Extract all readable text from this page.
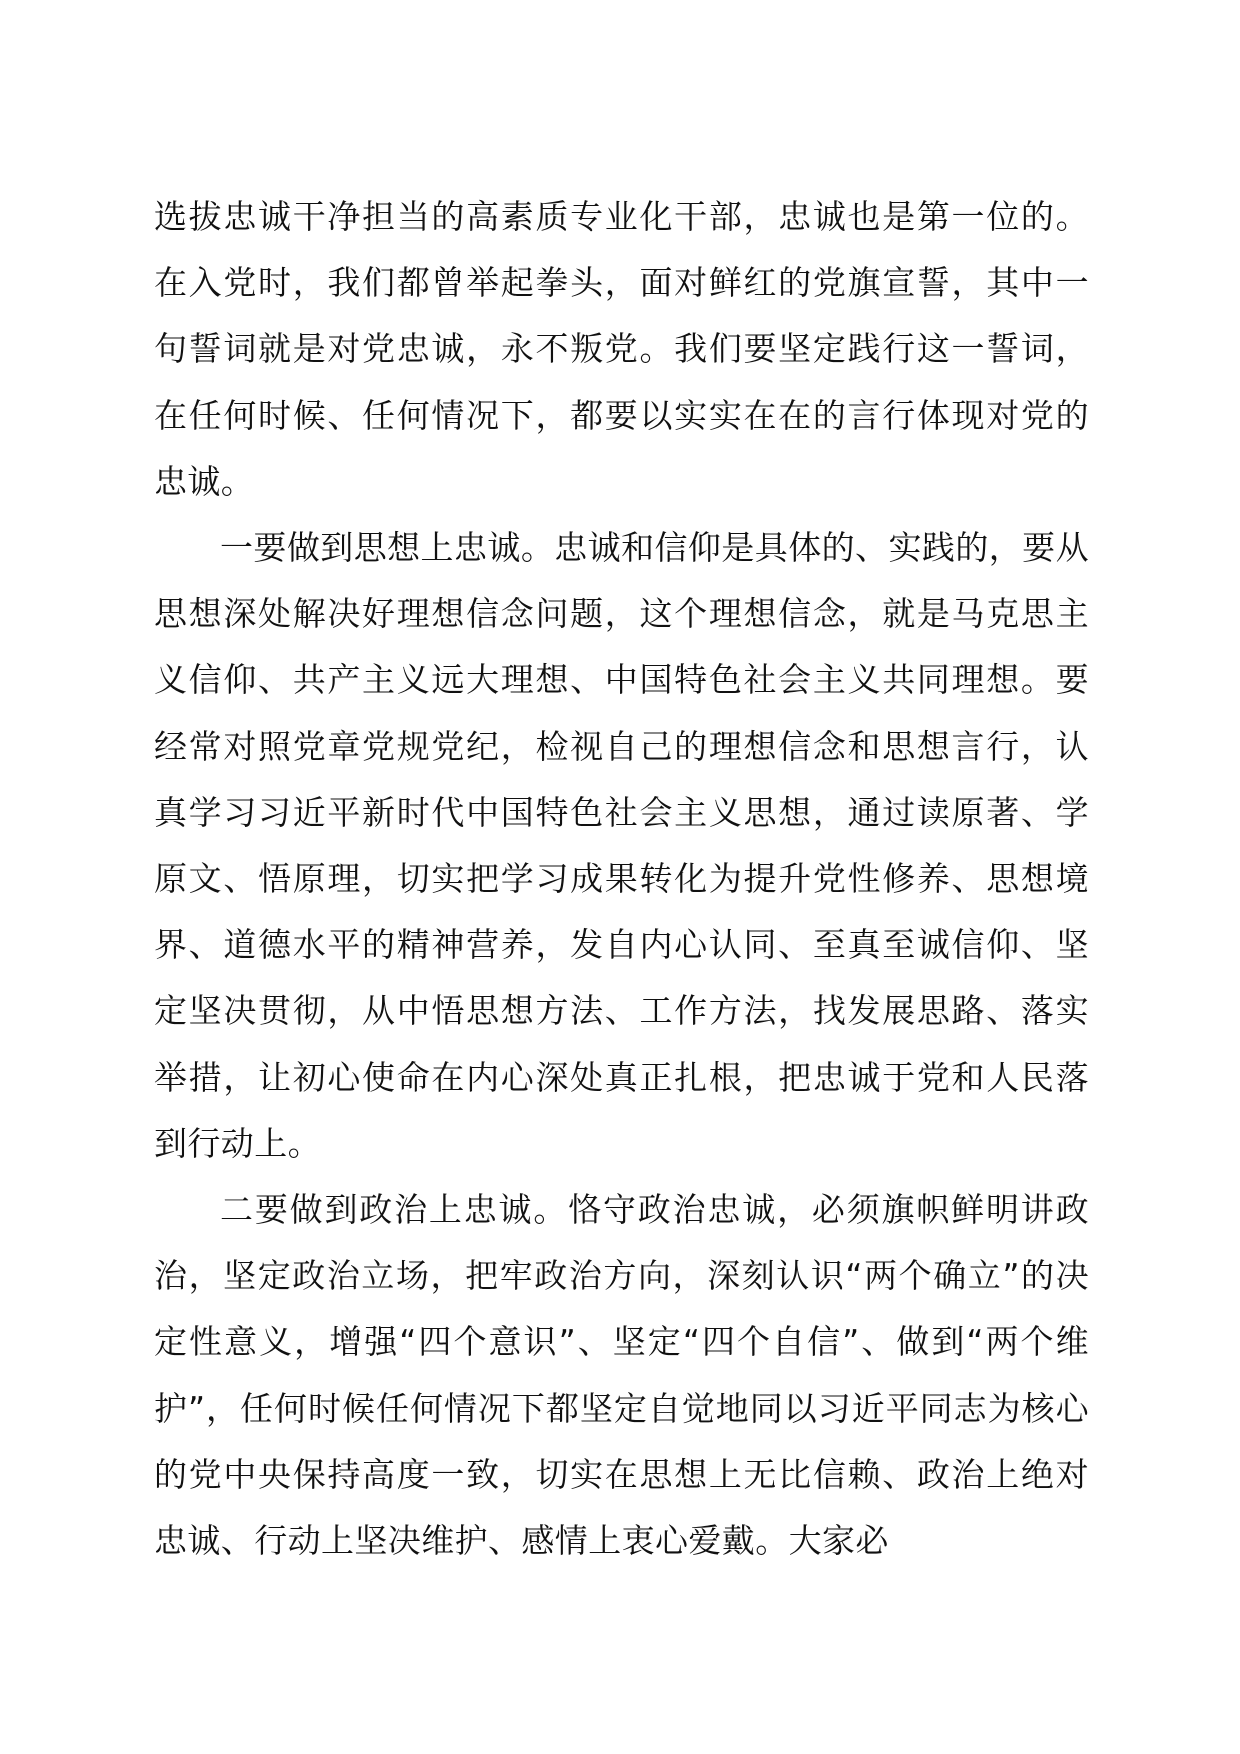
选拔忠诚干净担当的高素质专业化干部，忠诚也是第一位的。在入党时，我们都曾举起拳头，面对鲜红的党旗宣誓，其中一句誓词就是对党忠诚，永不叛党。我们要坚定践行这一誓词，在任何时候、任何情况下，都要以实实在在的言行体现对党的忠诚。

一要做到思想上忠诚。忠诚和信仰是具体的、实践的，要从思想深处解决好理想信念问题，这个理想信念，就是马克思主义信仰、共产主义远大理想、中国特色社会主义共同理想。要经常对照党章党规党纪，检视自己的理想信念和思想言行，认真学习习近平新时代中国特色社会主义思想，通过读原著、学原文、悟原理，切实把学习成果转化为提升党性修养、思想境界、道德水平的精神营养，发自内心认同、至真至诚信仰、坚定坚决贯彻，从中悟思想方法、工作方法，找发展思路、落实举措，让初心使命在内心深处真正扎根，把忠诚于党和人民落到行动上。

二要做到政治上忠诚。恪守政治忠诚，必须旗帜鲜明讲政治，坚定政治立场，把牢政治方向，深刻认识“两个确立”的决定性意义，增强“四个意识”、坚定“四个自信”、做到“两个维护”，任何时候任何情况下都坚定自觉地同以习近平同志为核心的党中央保持高度一致，切实在思想上无比信赖、政治上绝对忠诚、行动上坚决维护、感情上衷心爱戴。大家必
